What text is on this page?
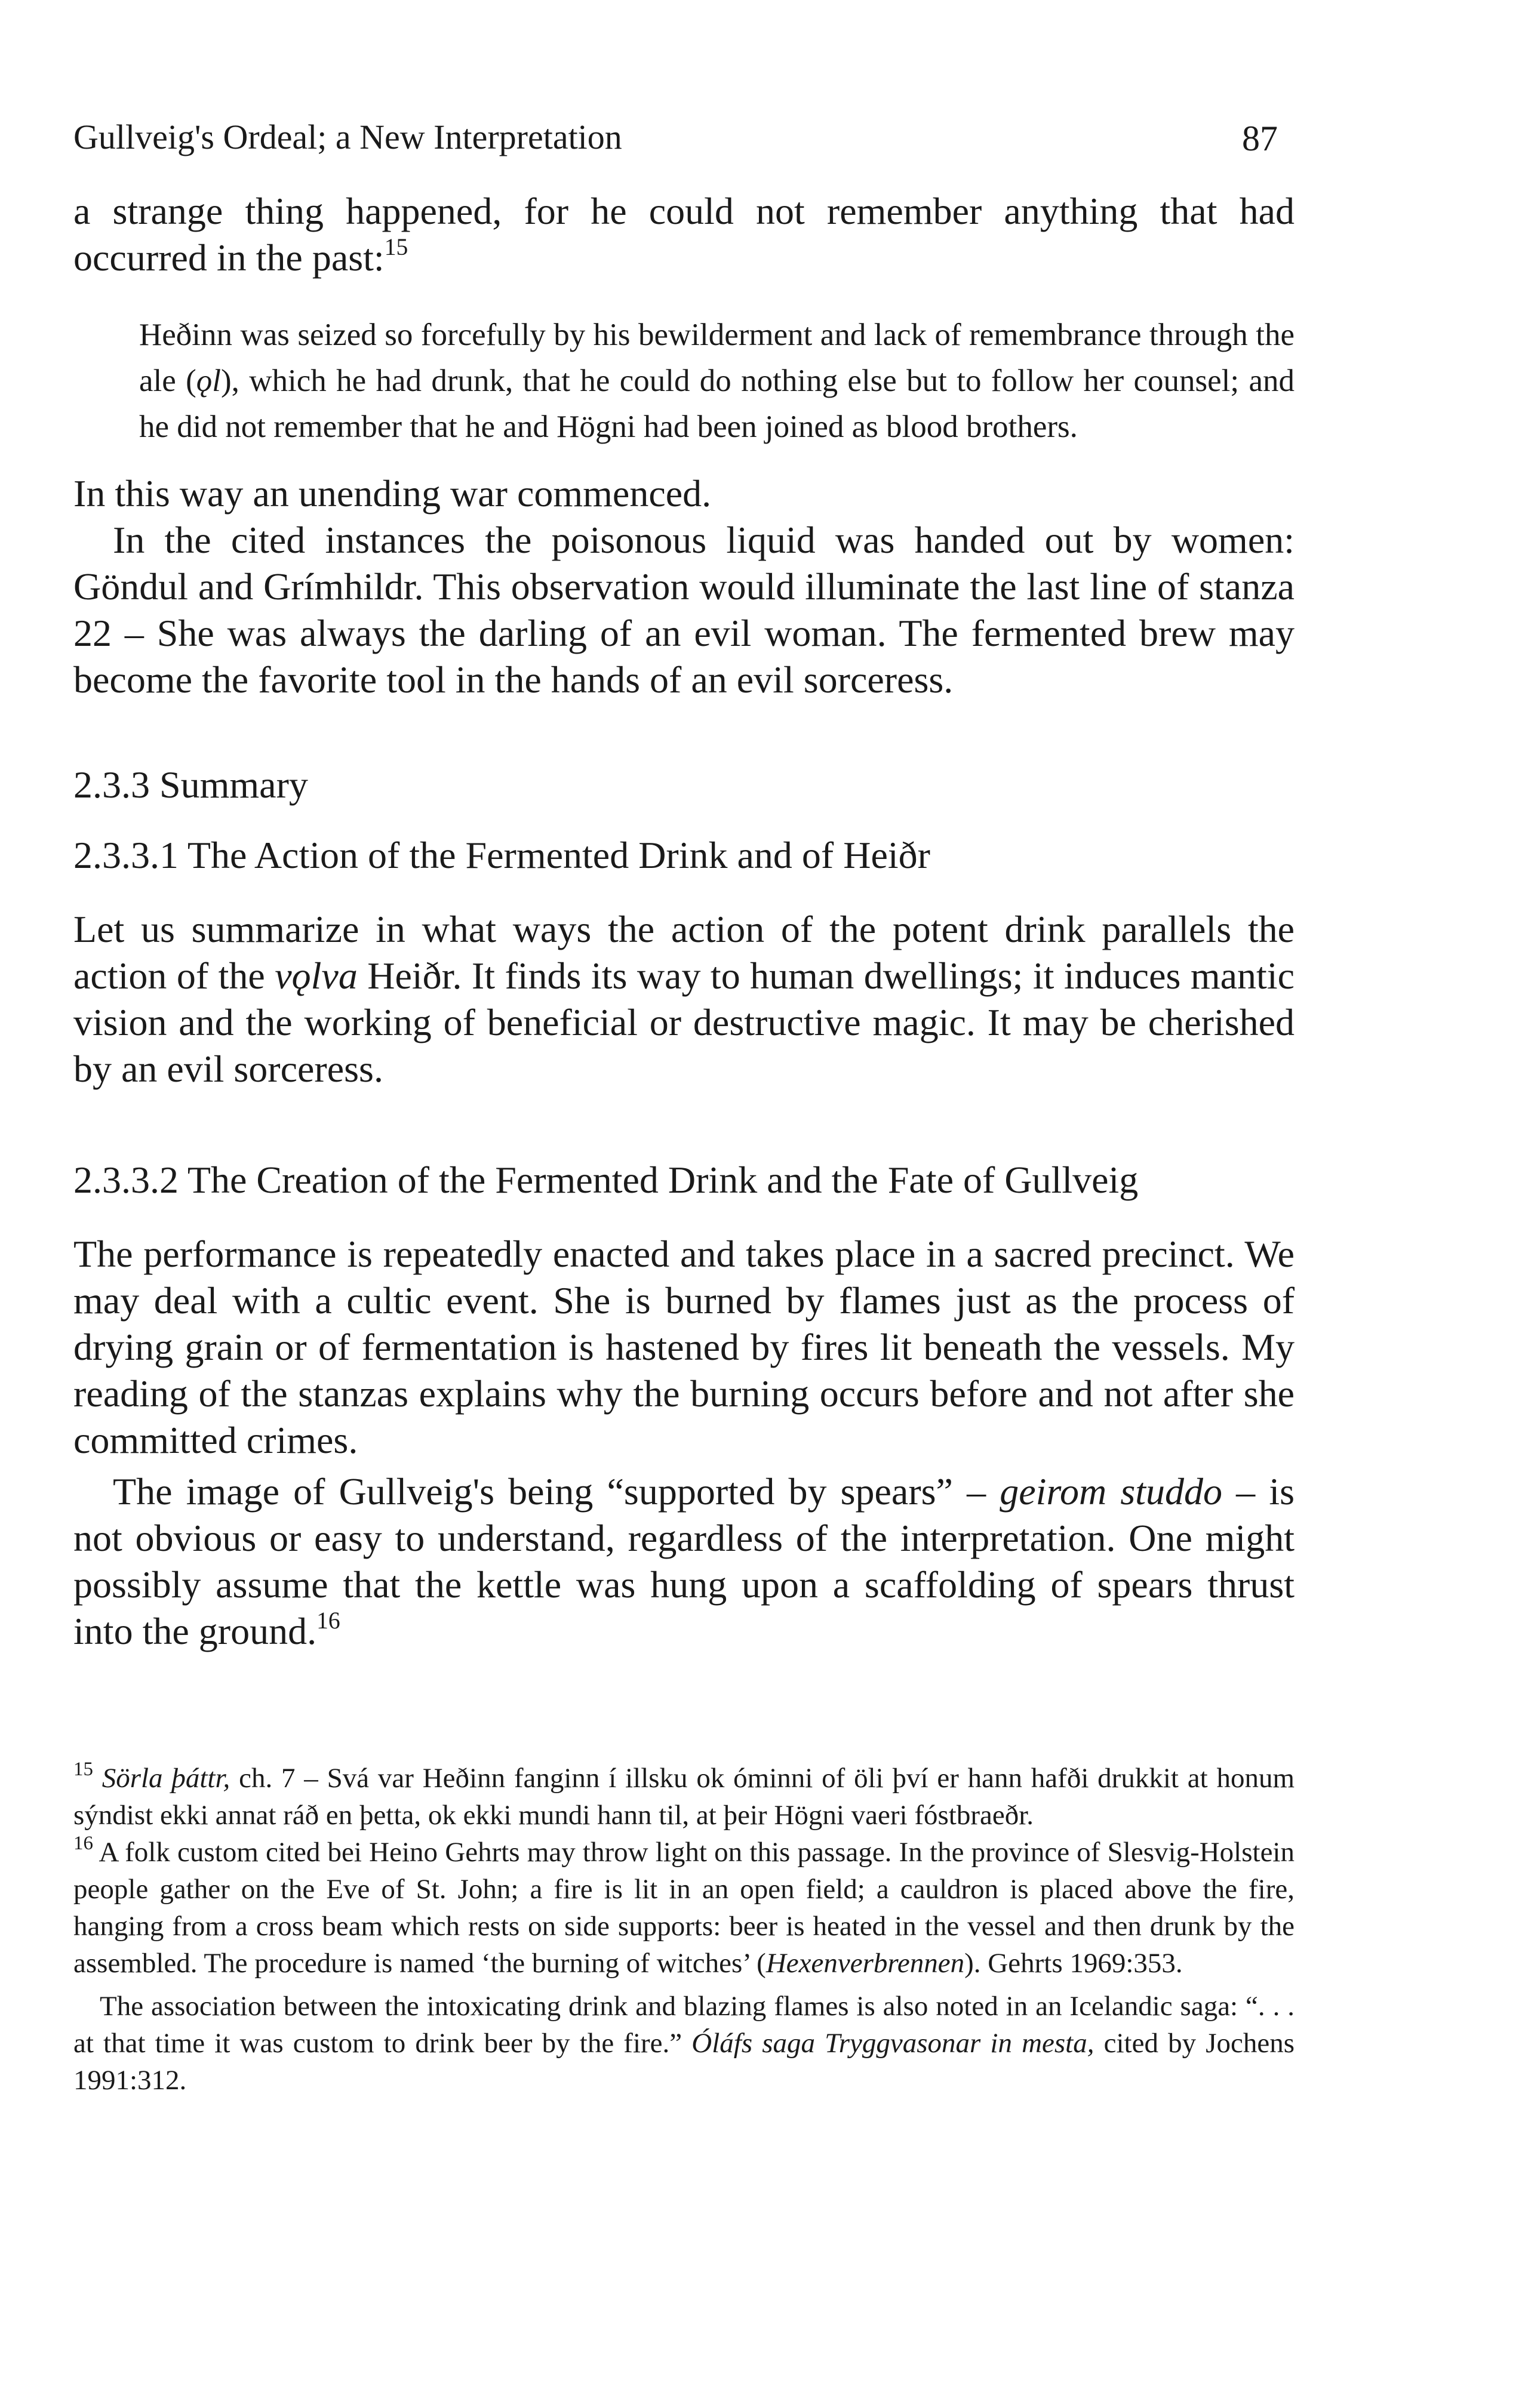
Gullveig's Ordeal; a New Interpretation	87

a strange thing happened, for he could not remember anything that had occurred in the past:$^{15}$

Heðinn was seized so forcefully by his bewilderment and lack of remembrance through the ale (ǫl), which he had drunk, that he could do nothing else but to follow her counsel; and he did not remember that he and Högni had been joined as blood brothers.

In this way an unending war commenced.

In the cited instances the poisonous liquid was handed out by women: Göndul and Grímhildr. This observation would illuminate the last line of stanza 22 – She was always the darling of an evil woman. The fermented brew may become the favorite tool in the hands of an evil sorceress.

2.3.3 Summary

2.3.3.1 The Action of the Fermented Drink and of Heiðr

Let us summarize in what ways the action of the potent drink parallels the action of the vǫlva Heiðr. It finds its way to human dwellings; it induces mantic vision and the working of beneficial or destructive magic. It may be cherished by an evil sorceress.

2.3.3.2 The Creation of the Fermented Drink and the Fate of Gullveig

The performance is repeatedly enacted and takes place in a sacred precinct. We may deal with a cultic event. She is burned by flames just as the process of drying grain or of fermentation is hastened by fires lit beneath the vessels. My reading of the stanzas explains why the burning occurs before and not after she committed crimes.

The image of Gullveig's being “supported by spears” – geirom studdo – is not obvious or easy to understand, regardless of the interpretation. One might possibly assume that the kettle was hung upon a scaffolding of spears thrust into the ground.$^{16}$

$^{15}$ Sörla þáttr, ch. 7 – Svá var Heðinn fanginn í illsku ok óminni of öli því er hann hafði drukkit at honum sýndist ekki annat ráð en þetta, ok ekki mundi hann til, at þeir Högni vaeri fóstbraeðr.

$^{16}$ A folk custom cited bei Heino Gehrts may throw light on this passage. In the province of Slesvig-Holstein people gather on the Eve of St. John; a fire is lit in an open field; a cauldron is placed above the fire, hanging from a cross beam which rests on side supports: beer is heated in the vessel and then drunk by the assembled. The procedure is named ‘the burning of witches’ (Hexenverbrennen). Gehrts 1969:353.

The association between the intoxicating drink and blazing flames is also noted in an Icelandic saga: “. . . at that time it was custom to drink beer by the fire.” Óláfs saga Tryggvasonar in mesta, cited by Jochens 1991:312.
